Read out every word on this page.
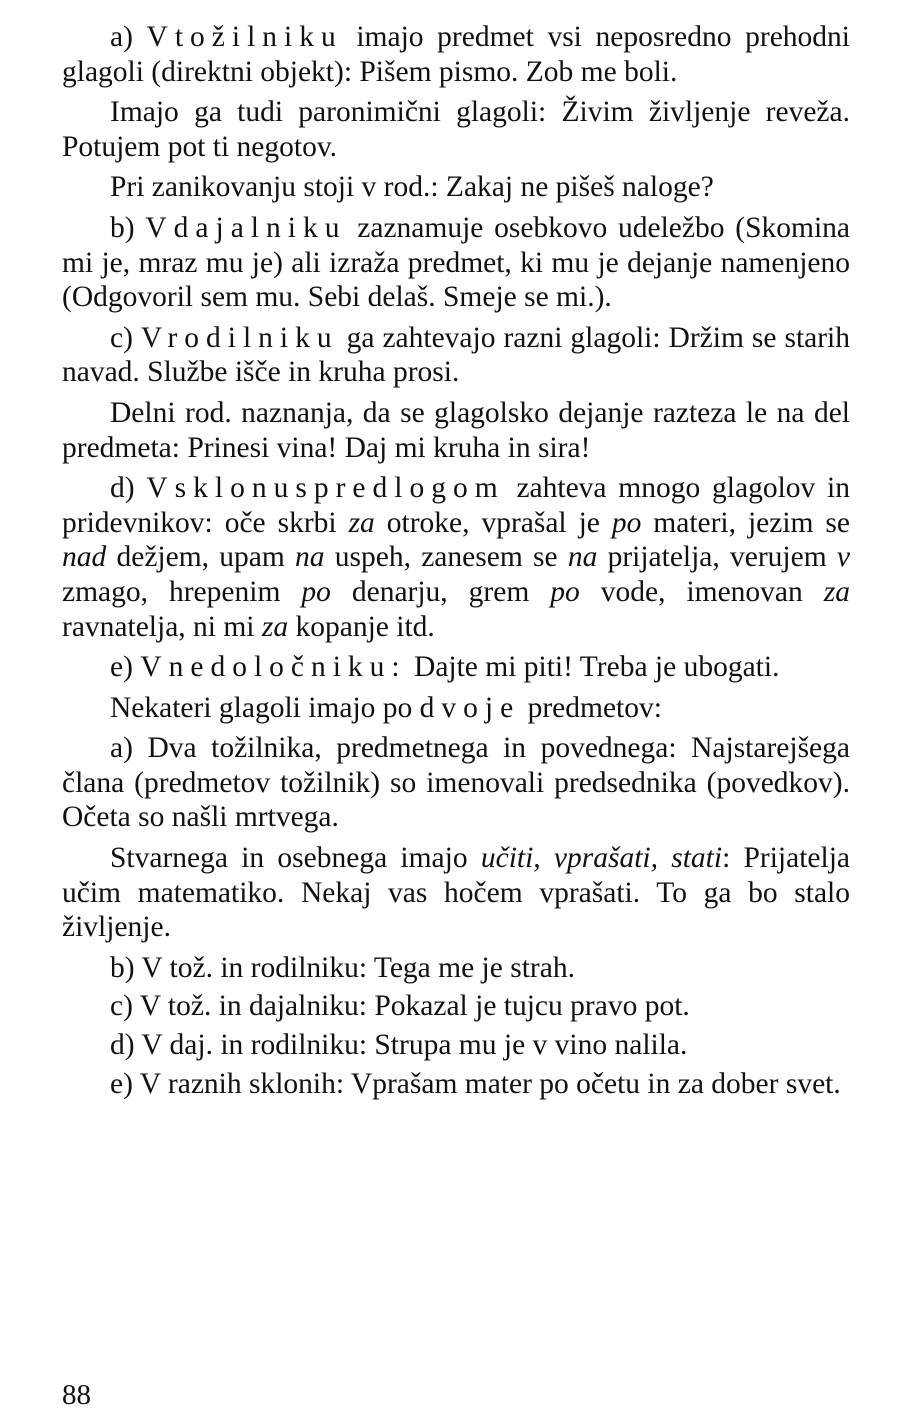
a) Vtožilniku imajo predmet vsi neposredno prehodni glagoli (direktni objekt): Pišem pismo. Zob me boli.

Imajo ga tudi paronimični glagoli: Živim življenje reveža. Potujem pot ti negotov.

Pri zanikovanju stoji v rod.: Zakaj ne pišeš naloge?

b) Vdajalniku zaznamuje osebkovo udeležbo (Skomina mi je, mraz mu je) ali izraža predmet, ki mu je dejanje namenjeno (Odgovoril sem mu. Sebi delaš. Smeje se mi.).

c) Vrodilniku ga zahtevajo razni glagoli: Držim se starih navad. Službe išče in kruha prosi.

Delni rod. naznanja, da se glagolsko dejanje razteza le na del predmeta: Prinesi vina! Daj mi kruha in sira!

d) Vsklonuspredlogom zahteva mnogo glagolov in pridevnikov: oče skrbi za otroke, vprašal je po materi, jezim se nad dežjem, upam na uspeh, zanesem se na prijatelja, verujem v zmago, hrepenim po denarju, grem po vode, imenovan za ravnatelja, ni mi za kopanje itd.

e) Vnedoločniku: Dajte mi piti! Treba je ubogati.

Nekateri glagoli imajo po dvoje predmetov:

a) Dva tožilnika, predmetnega in povednega: Najstarejšega člana (predmetov tožilnik) so imenovali predsednika (povedkov). Očeta so našli mrtvega.

Stvarnega in osebnega imajo učiti, vprašati, stati: Prijatelja učim matematiko. Nekaj vas hočem vprašati. To ga bo stalo življenje.

b) V tož. in rodilniku: Tega me je strah.

c) V tož. in dajalniku: Pokazal je tujcu pravo pot.

d) V daj. in rodilniku: Strupa mu je v vino nalila.

e) V raznih sklonih: Vprašam mater po očetu in za dober svet.

88
